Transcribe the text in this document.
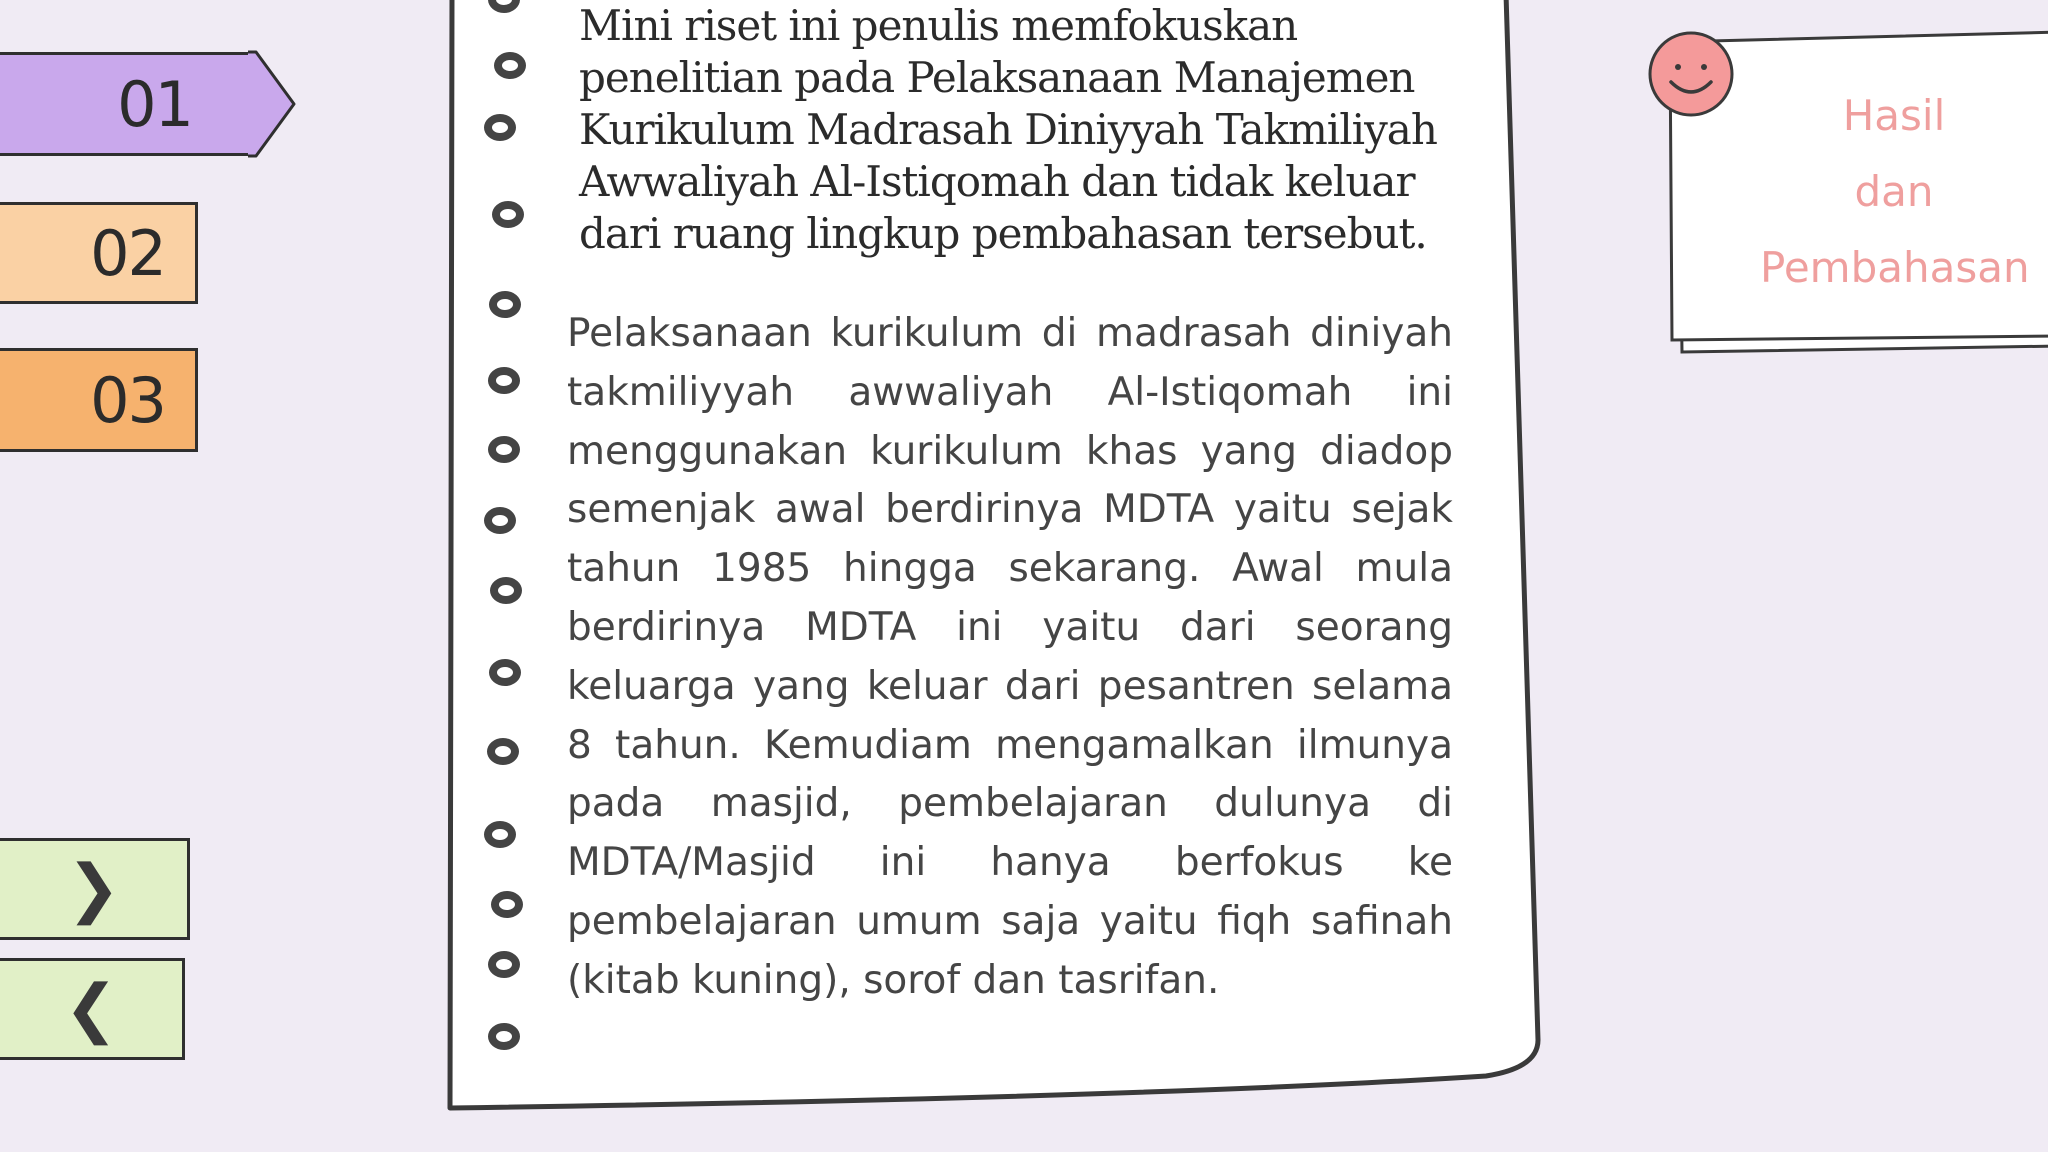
01
02
03
❯
❮

Mini riset ini penulis memfokuskan penelitian pada Pelaksanaan Manajemen Kurikulum Madrasah Diniyyah Takmiliyah Awwaliyah Al-Istiqomah dan tidak keluar dari ruang lingkup pembahasan tersebut.

Pelaksanaan kurikulum di madrasah diniyah takmiliyyah awwaliyah Al-Istiqomah ini menggunakan kurikulum khas yang diadop semenjak awal berdirinya MDTA yaitu sejak tahun 1985 hingga sekarang. Awal mula berdirinya MDTA ini yaitu dari seorang keluarga yang keluar dari pesantren selama 8 tahun. Kemudiam mengamalkan ilmunya pada masjid, pembelajaran dulunya di MDTA/Masjid ini hanya berfokus ke pembelajaran umum saja yaitu fiqh safinah (kitab kuning), sorof dan tasrifan.

Hasil
dan
Pembahasan
